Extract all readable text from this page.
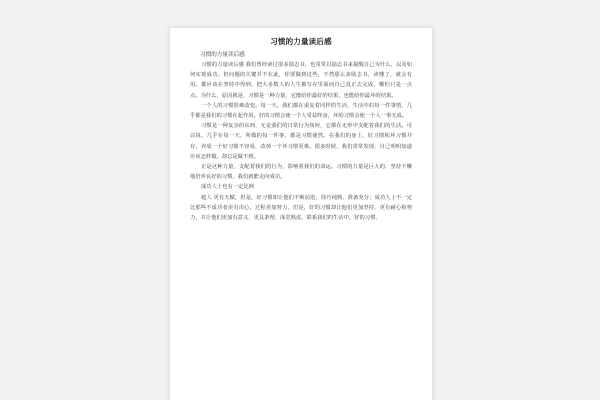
习惯的力量读后感
习惯的力量读后感

习惯的力量读后感 我们曾经读过很多励志书，也常常以励志书来提醒自己为什么，以及如何实现成功。但问题的关键并不在此，你要做到这些，不然那么多励志书，读懂了，就会有用。都应该在坚持中得到，把大多数人的人生都写在里面而自己真正去完成，哪怕只是一点点。为什么，原因就是，习惯是一种力量，它能给你最好的结果，也能给你最坏的结果。

一个人的习惯很难改变。每一天，我们都在重复着同样的生活，生活中的每一件事情，几乎都是我们的习惯在起作用。好的习惯会使一个人受益终身，坏的习惯会使一个人一事无成。

习惯是一种复杂的东西，无论我们的日常行为如何，它都在无形中支配着我们的生活。可以说，几乎在每一天，所做的每一件事，都是习惯使然。在我们的身上，好习惯和坏习惯并存，养成一个好习惯不容易，改掉一个坏习惯更难。很多时候，我们常常发现，自己明明知道应该怎样做，却总是做不到。

正是这种力量，支配着我们的行为，影响着我们的命运。习惯的力量是巨大的，坚持不懈地培养良好的习惯，我们就能走向成功。

成功人士也有一定比例

超人 更有天赋，但是，好习惯却让他们不断前进，技巧纯熟，准备充分；成功人士不一定比那些不成功者更有决心，过程更加努力，但是，好的习惯却让他们更加坚持，更有耐心和努力，并让他们更加有意义，更具条理，深思熟虑，联系我们的生活中，好的习惯，
